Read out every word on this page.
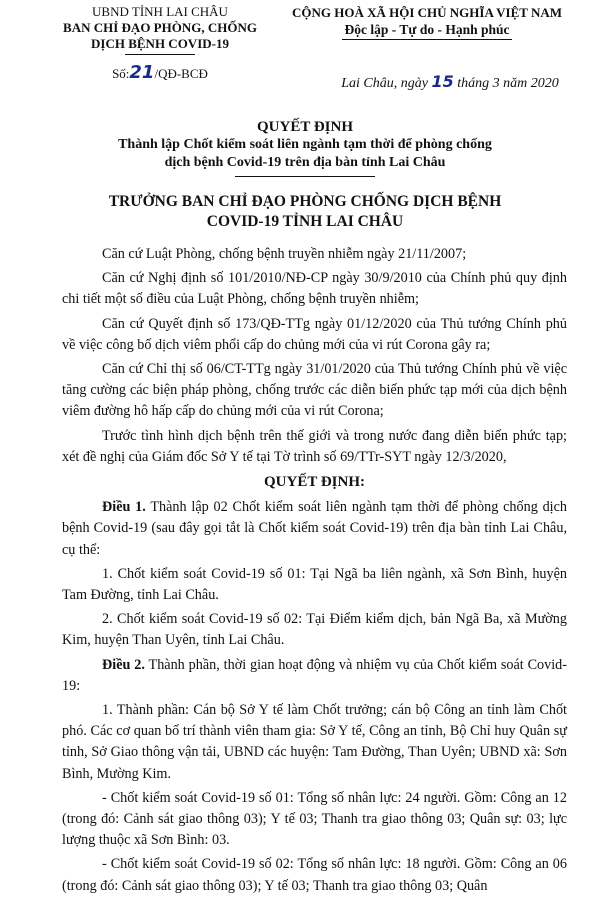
UBND TỈNH LAI CHÂU
BAN CHỈ ĐẠO PHÒNG, CHỐNG
DỊCH BỆNH COVID-19
Số:21/QĐ-BCĐ
CỘNG HOÀ XÃ HỘI CHỦ NGHĨA VIỆT NAM
Độc lập - Tự do - Hạnh phúc
Lai Châu, ngày 15 tháng 3 năm 2020
QUYẾT ĐỊNH
Thành lập Chốt kiểm soát liên ngành tạm thời để phòng chống
dịch bệnh Covid-19 trên địa bàn tỉnh Lai Châu
TRƯỞNG BAN CHỈ ĐẠO PHÒNG CHỐNG DỊCH BỆNH
COVID-19 TỈNH LAI CHÂU

Căn cứ Luật Phòng, chống bệnh truyền nhiễm ngày 21/11/2007;

Căn cứ Nghị định số 101/2010/NĐ-CP ngày 30/9/2010 của Chính phủ quy định chi tiết một số điều của Luật Phòng, chống bệnh truyền nhiễm;

Căn cứ Quyết định số 173/QĐ-TTg ngày 01/12/2020 của Thủ tướng Chính phủ về việc công bố dịch viêm phổi cấp do chủng mới của vi rút Corona gây ra;

Căn cứ Chỉ thị số 06/CT-TTg ngày 31/01/2020 của Thủ tướng Chính phủ về việc tăng cường các biện pháp phòng, chống trước các diễn biến phức tạp mới của dịch bệnh viêm đường hô hấp cấp do chủng mới của vi rút Corona;

Trước tình hình dịch bệnh trên thế giới và trong nước đang diễn biến phức tạp; xét đề nghị của Giám đốc Sở Y tế tại Tờ trình số 69/TTr-SYT ngày 12/3/2020,

QUYẾT ĐỊNH:

Điều 1. Thành lập 02 Chốt kiểm soát liên ngành tạm thời để phòng chống dịch bệnh Covid-19 (sau đây gọi tắt là Chốt kiểm soát Covid-19) trên địa bàn tỉnh Lai Châu, cụ thể:

1. Chốt kiểm soát Covid-19 số 01: Tại Ngã ba liên ngành, xã Sơn Bình, huyện Tam Đường, tỉnh Lai Châu.

2. Chốt kiểm soát Covid-19 số 02: Tại Điểm kiểm dịch, bản Ngã Ba, xã Mường Kim, huyện Than Uyên, tỉnh Lai Châu.

Điều 2. Thành phần, thời gian hoạt động và nhiệm vụ của Chốt kiểm soát Covid-19:

1. Thành phần: Cán bộ Sở Y tế làm Chốt trưởng; cán bộ Công an tỉnh làm Chốt phó. Các cơ quan bố trí thành viên tham gia: Sở Y tế, Công an tỉnh, Bộ Chỉ huy Quân sự tỉnh, Sở Giao thông vận tải, UBND các huyện: Tam Đường, Than Uyên; UBND xã: Sơn Bình, Mường Kim.

- Chốt kiểm soát Covid-19 số 01: Tổng số nhân lực: 24 người. Gồm: Công an 12 (trong đó: Cảnh sát giao thông 03); Y tế 03; Thanh tra giao thông 03; Quân sự: 03; lực lượng thuộc xã Sơn Bình: 03.

- Chốt kiểm soát Covid-19 số 02: Tổng số nhân lực: 18 người. Gồm: Công an 06 (trong đó: Cảnh sát giao thông 03); Y tế 03; Thanh tra giao thông 03; Quân
